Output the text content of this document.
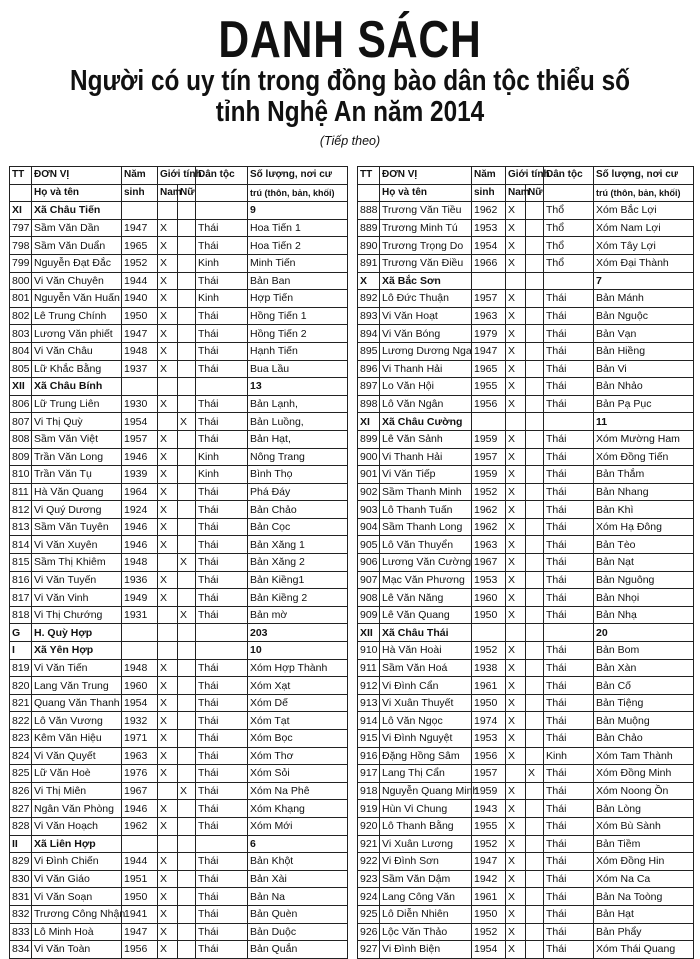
DANH SÁCH
Người có uy tín trong đồng bào dân tộc thiểu số
tỉnh Nghệ An năm 2014
(Tiếp theo)
TT	ĐƠN VỊ	Năm	Giới tính		Dân tộc	Số lượng, nơi cư
	Họ và tên	sinh	Nam	Nữ		trú (thôn, bản, khối)
XI	Xã Châu Tiến					9
797	Sầm Văn Dần	1947	X		Thái	Hoa Tiến 1
798	Sầm Văn Duẩn	1965	X		Thái	Hoa Tiến 2
799	Nguyễn Đạt Đắc	1952	X		Kinh	Minh Tiến
800	Vi Văn Chuyên	1944	X		Thái	Bản Ban
801	Nguyễn Văn Huấn	1940	X		Kinh	Hợp Tiến
802	Lê Trung Chính	1950	X		Thái	Hồng Tiến 1
803	Lương Văn phiết	1947	X		Thái	Hồng Tiến 2
804	Vi Văn Châu	1948	X		Thái	Hạnh Tiến
805	Lữ Khắc Bằng	1937	X		Thái	Bua Lầu
XII	Xã Châu Bính					13
806	Lữ Trung Liên	1930	X		Thái	Bản Lạnh,
807	Vi Thị Quỳ	1954		X	Thái	Bản Luồng,
808	Sầm Văn Việt	1957	X		Thái	Bản Hạt,
809	Trần Văn Long	1946	X		Kinh	Nông Trang
810	Trần Văn Tụ	1939	X		Kinh	Bình Thọ
811	Hà Văn Quang	1964	X		Thái	Phá Đáy
812	Vi Quý Dương	1924	X		Thái	Bản Chảo
813	Sầm Văn Tuyên	1946	X		Thái	Bản Cọc
814	Vi Văn Xuyên	1946	X		Thái	Bản Xăng 1
815	Sầm Thị Khiêm	1948		X	Thái	Bản Xăng 2
816	Vi Văn Tuyến	1936	X		Thái	Bản Kiềng1
817	Vi Văn Vinh	1949	X		Thái	Bản Kiềng 2
818	Vi Thị Chướng	1931		X	Thái	Bản mờ
G	H. Quỳ Hợp					203
I	Xã Yên Hợp					10
819	Vi Văn Tiến	1948	X		Thái	Xóm Hợp Thành
820	Lang Văn Trung	1960	X		Thái	Xóm Xạt
821	Quang Văn Thanh	1954	X		Thái	Xóm Dế
822	Lô Văn Vương	1932	X		Thái	Xóm Tạt
823	Kêm Văn Hiệu	1971	X		Thái	Xóm Bọc
824	Vi Văn Quyết	1963	X		Thái	Xóm Thơ
825	Lữ Văn Hoè	1976	X		Thái	Xóm Sỏi
826	Vi Thị Miên	1967		X	Thái	Xóm Na Phê
827	Ngân Văn Phòng	1946	X		Thái	Xóm Khạng
828	Vi Văn Hoạch	1962	X		Thái	Xóm Mới
II	Xã Liên Hợp					6
829	Vi Đình Chiến	1944	X		Thái	Bản Khột
830	Vi Văn Giáo	1951	X		Thái	Bản Xài
831	Vi Văn Soạn	1950	X		Thái	Bản Na
832	Trương Công Nhận	1941	X		Thái	Bản Quèn
833	Lô Minh Hoà	1947	X		Thái	Bản Duộc
834	Vi Văn Toàn	1956	X		Thái	Bản Quắn
TT	ĐƠN VỊ	Năm	Giới tính		Dân tộc	Số lượng, nơi cư
	Họ và tên	sinh	Nam	Nữ		trú (thôn, bản, khối)
888	Trương Văn Tiều	1962	X		Thổ	Xóm Bắc Lợi
889	Trương Minh Tú	1953	X		Thổ	Xóm Nam Lợi
890	Trương Trọng Do	1954	X		Thổ	Xóm Tây Lợi
891	Trương Văn Điều	1966	X		Thổ	Xóm Đại Thành
X	Xã Bắc Sơn					7
892	Lô Đức Thuận	1957	X		Thái	Bản Mánh
893	Vi Văn Hoạt	1963	X		Thái	Bản Nguộc
894	Vi Văn Bóng	1979	X		Thái	Bản Vạn
895	Lương Dương Nga	1947	X		Thái	Bản Hiềng
896	Vi Thanh Hải	1965	X		Thái	Bản Vi
897	Lo Văn Hội	1955	X		Thái	Bản Nhảo
898	Lô Văn Ngân	1956	X		Thái	Bản Pạ Pục
XI	Xã Châu Cường					11
899	Lê Văn Sảnh	1959	X		Thái	Xóm Mường Ham
900	Vi Thanh Hải	1957	X		Thái	Xóm Đồng Tiến
901	Vi Văn Tiếp	1959	X		Thái	Bản Thắm
902	Sầm Thanh Minh	1952	X		Thái	Bản Nhang
903	Lô Thanh Tuấn	1962	X		Thái	Bản Khì
904	Sầm Thanh Long	1962	X		Thái	Xóm Hạ Đông
905	Lô Văn Thuyển	1963	X		Thái	Bản Tèo
906	Lương Văn Cường	1967	X		Thái	Bản Nạt
907	Mạc Văn Phương	1953	X		Thái	Bản Nguông
908	Lê Văn Năng	1960	X		Thái	Bản Nhọi
909	Lê Văn Quang	1950	X		Thái	Bản Nhạ
XII	Xã Châu Thái					20
910	Hà Văn Hoài	1952	X		Thái	Bản Bom
911	Sầm Văn Hoá	1938	X		Thái	Bản Xàn
912	Vi Đình Cẩn	1961	X		Thái	Bản Cố
913	Vi Xuân Thuyết	1950	X		Thái	Bản Tiệng
914	Lô Văn Ngọc	1974	X		Thái	Bản Muộng
915	Vi Đình Nguyệt	1953	X		Thái	Bản Chảo
916	Đặng Hồng Sâm	1956	X		Kinh	Xóm Tam Thành
917	Lang Thị Cẩn	1957		X	Thái	Xóm Đồng Minh
918	Nguyễn Quang Minh	1959	X		Thái	Xóm Noong Ồn
919	Hùn Vi Chung	1943	X		Thái	Bản Lòng
920	Lô Thanh Bằng	1955	X		Thái	Xóm Bù Sành
921	Vi Xuân Lương	1952	X		Thái	Bản Tiềm
922	Vi Đình Sơn	1947	X		Thái	Xóm Đồng Hin
923	Sầm Văn Dậm	1942	X		Thái	Xóm Na Ca
924	Lang Công Văn	1961	X		Thái	Bản Na Toòng
925	Lô Diễn Nhiên	1950	X		Thái	Bản Hạt
926	Lộc Văn Thảo	1952	X		Thái	Bản Phẩy
927	Vi Đình Biện	1954	X		Thái	Xóm Thái Quang
